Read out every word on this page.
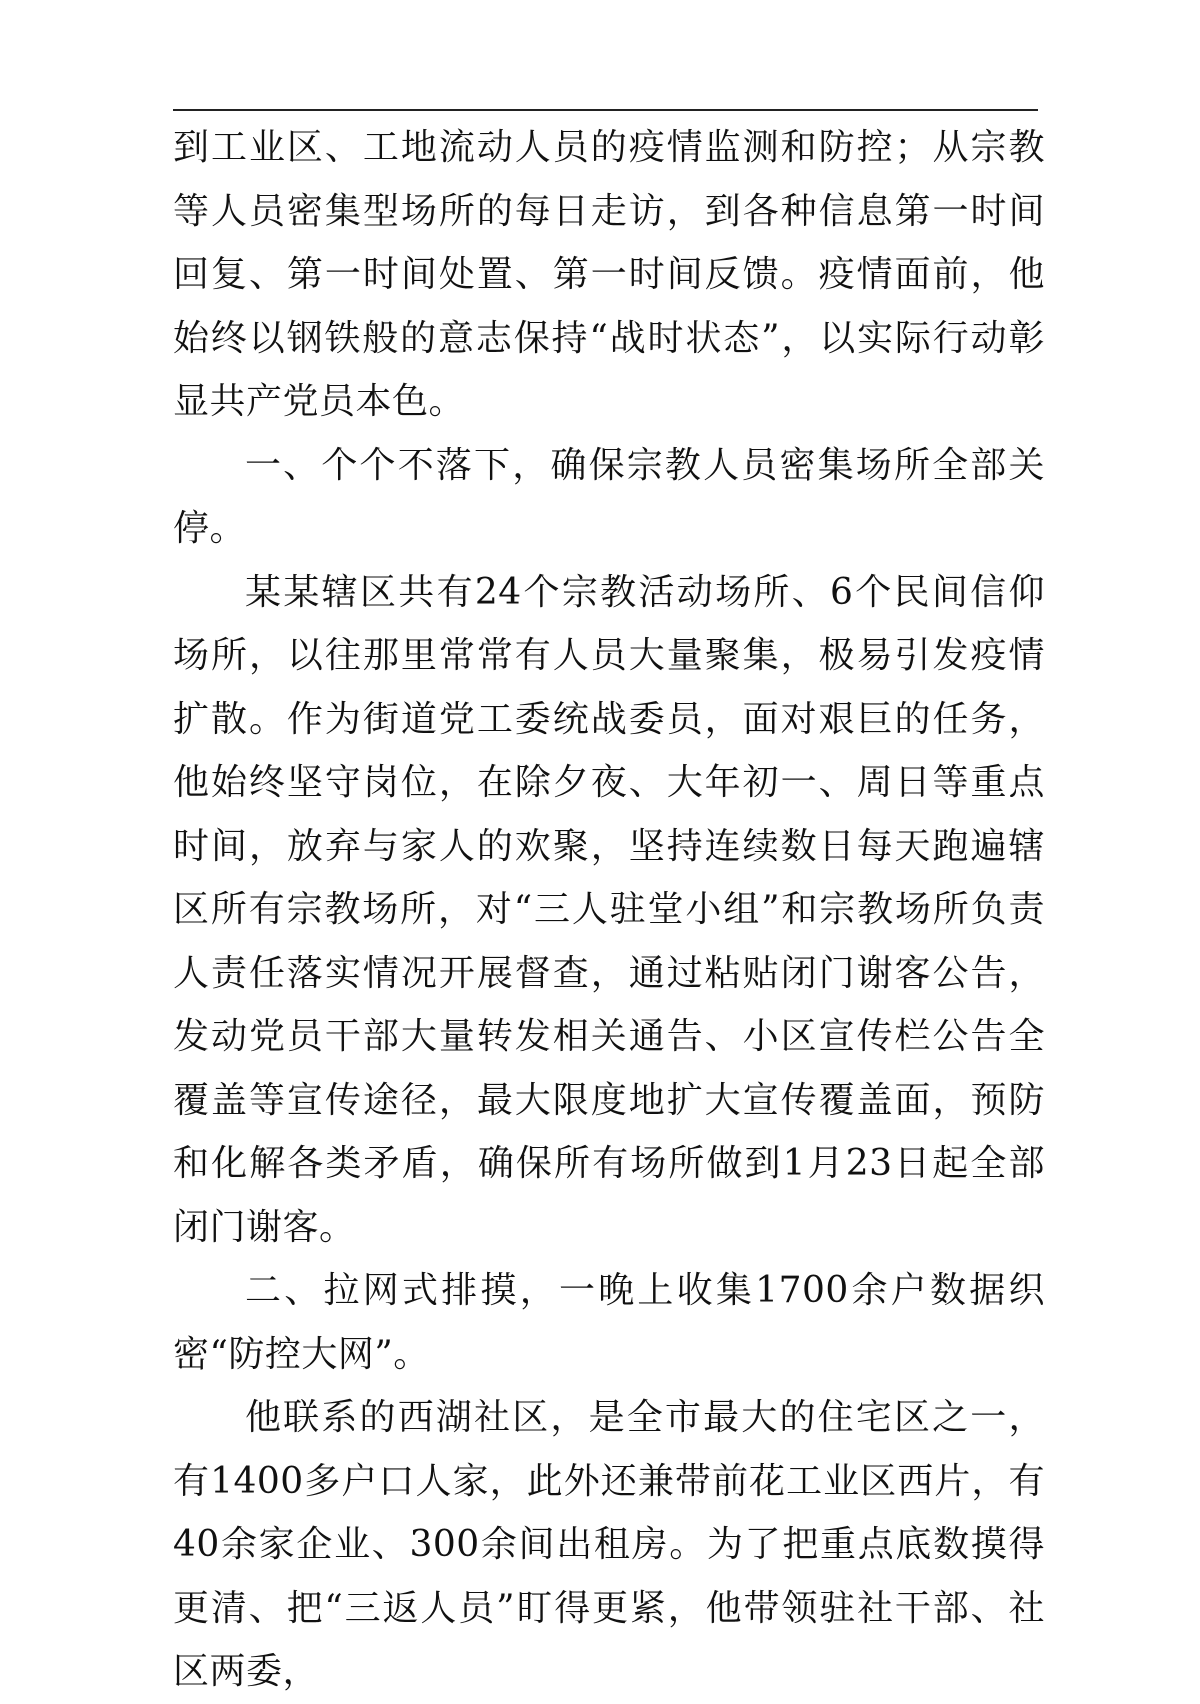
到工业区、工地流动人员的疫情监测和防控；从宗教等人员密集型场所的每日走访，到各种信息第一时间回复、第一时间处置、第一时间反馈。疫情面前，他始终以钢铁般的意志保持“战时状态”，以实际行动彰显共产党员本色。

一、个个不落下，确保宗教人员密集场所全部关停。

某某辖区共有24个宗教活动场所、6个民间信仰场所，以往那里常常有人员大量聚集，极易引发疫情扩散。作为街道党工委统战委员，面对艰巨的任务，他始终坚守岗位，在除夕夜、大年初一、周日等重点时间，放弃与家人的欢聚，坚持连续数日每天跑遍辖区所有宗教场所，对“三人驻堂小组”和宗教场所负责人责任落实情况开展督查，通过粘贴闭门谢客公告，发动党员干部大量转发相关通告、小区宣传栏公告全覆盖等宣传途径，最大限度地扩大宣传覆盖面，预防和化解各类矛盾，确保所有场所做到1月23日起全部闭门谢客。

二、拉网式排摸，一晚上收集1700余户数据织密“防控大网”。

他联系的西湖社区，是全市最大的住宅区之一，有1400多户口人家，此外还兼带前花工业区西片，有40余家企业、300余间出租房。为了把重点底数摸得更清、把“三返人员”盯得更紧，他带领驻社干部、社区两委，
